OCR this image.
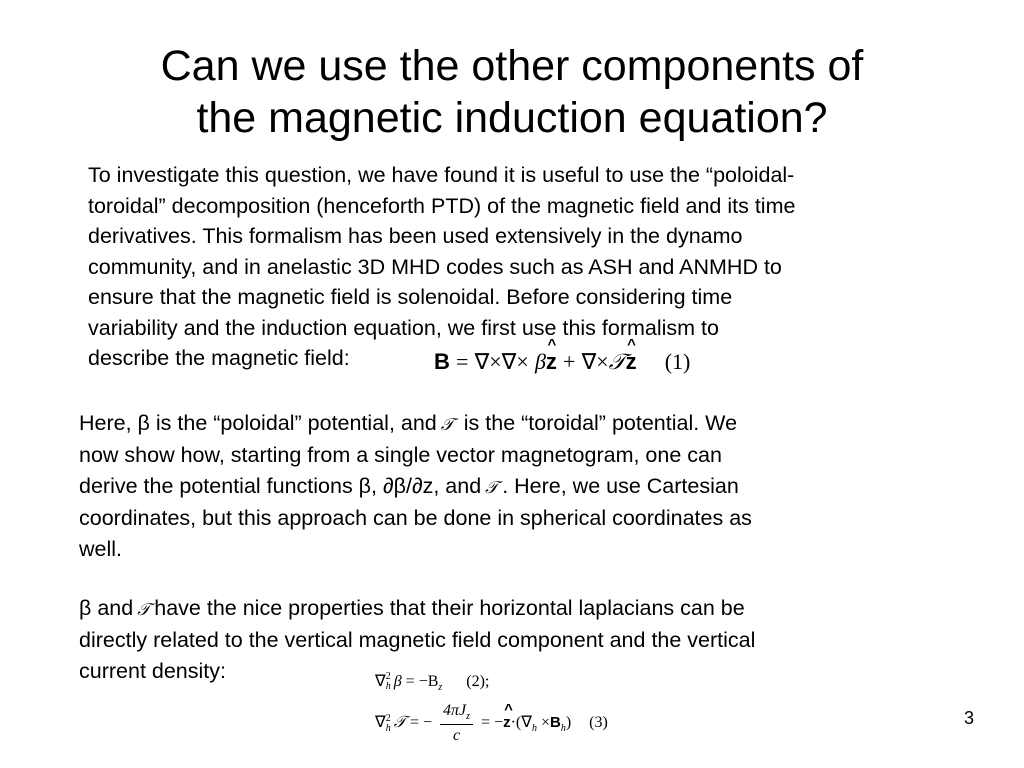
Can we use the other components of
the magnetic induction equation?
To investigate this question, we have found it is useful to use the “poloidal-
toroidal” decomposition (henceforth PTD) of the magnetic field and its time
derivatives. This formalism has been used extensively in the dynamo
community, and in anelastic 3D MHD codes such as ASH and ANMHD to
ensure that the magnetic field is solenoidal. Before considering time
variability and the induction equation, we first use this formalism to
describe the magnetic field:	B = ∇×∇× β^ z + ∇×𝒯^ z (1)
Here, β is the “poloidal” potential, and 𝒯 is the “toroidal” potential. We
now show how, starting from a single vector magnetogram, one can
derive the potential functions β, ∂β/∂z, and 𝒯 . Here, we use Cartesian
coordinates, but this approach can be done in spherical coordinates as
well.
β and 𝒯 have the nice properties that their horizontal laplacians can be
directly related to the vertical magnetic field component and the vertical
current density:	∇ 2
h $\beta = -B_z$ (2);
∇ 2
h 𝒯 = − $\frac{4\pi J_z}{c}$ = −^ $z\cdot(\nabla_h \times B_h)$ (3)	3
